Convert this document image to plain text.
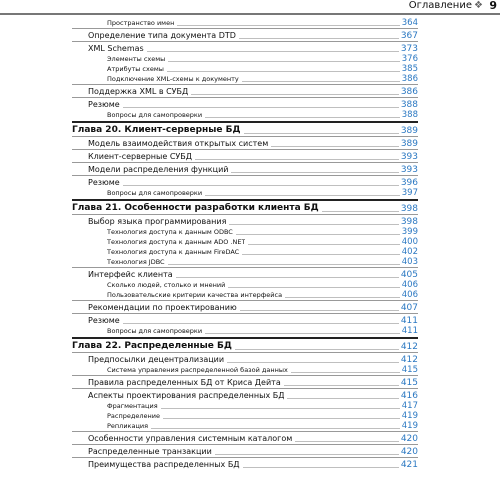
Оглавление ❖ 9
Пространство имен	364
Определение типа документа DTD	367
XML Schemas	373
Элементы схемы	376
Атрибуты схемы	385
Подключение XML-схемы к документу	386
Поддержка XML в СУБД	386
Резюме	388
Вопросы для самопроверки	388
Глава 20. Клиент-серверные БД	389
Модель взаимодействия открытых систем	389
Клиент-серверные СУБД	393
Модели распределения функций	393
Резюме	396
Вопросы для самопроверки	397
Глава 21. Особенности разработки клиента БД	398
Выбор языка программирования	398
Технология доступа к данным ODBC	399
Технология доступа к данным ADO .NET	400
Технология доступа к данным FireDAC	402
Технология JDBC	403
Интерфейс клиента	405
Сколько людей, столько и мнений	406
Пользовательские критерии качества интерфейса	406
Рекомендации по проектированию	407
Резюме	411
Вопросы для самопроверки	411
Глава 22. Распределенные БД	412
Предпосылки децентрализации	412
Система управления распределенной базой данных	415
Правила распределенных БД от Криса Дейта	415
Аспекты проектирования распределенных БД	416
Фрагментация	417
Распределение	419
Репликация	419
Особенности управления системным каталогом	420
Распределенные транзакции	420
Преимущества распределенных БД	421
